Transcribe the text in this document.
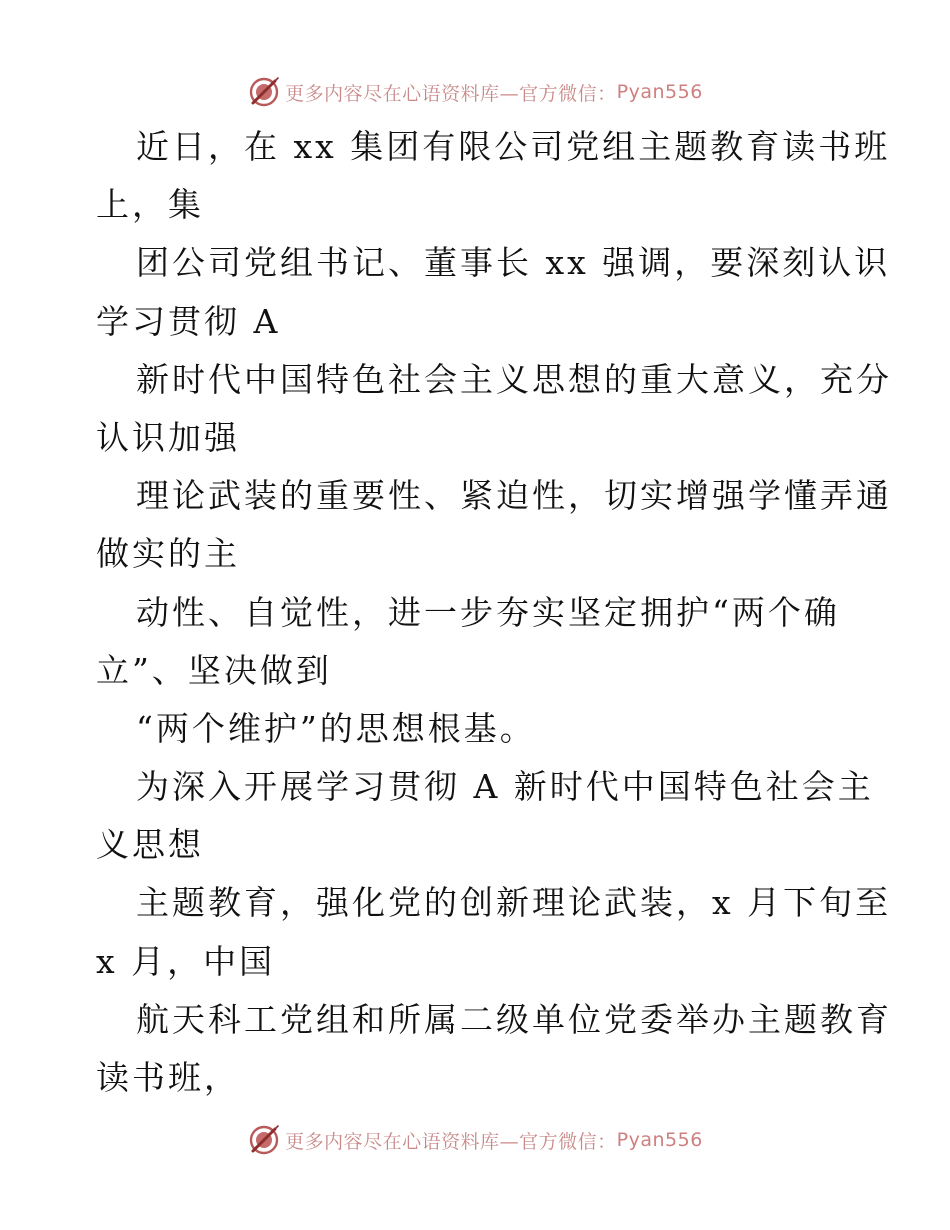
更多内容尽在心语资料库—官方微信： Pyan556
近日，在 xx 集团有限公司党组主题教育读书班
上，集
团公司党组书记、董事长 xx 强调，要深刻认识
学习贯彻 A
新时代中国特色社会主义思想的重大意义，充分
认识加强
理论武装的重要性、紧迫性，切实增强学懂弄通
做实的主
动性、自觉性，进一步夯实坚定拥护“两个确
立”、坚决做到
“两个维护”的思想根基。
为深入开展学习贯彻 A 新时代中国特色社会主
义思想
主题教育，强化党的创新理论武装，x 月下旬至
x 月，中国
航天科工党组和所属二级单位党委举办主题教育
读书班，
更多内容尽在心语资料库—官方微信： Pyan556
